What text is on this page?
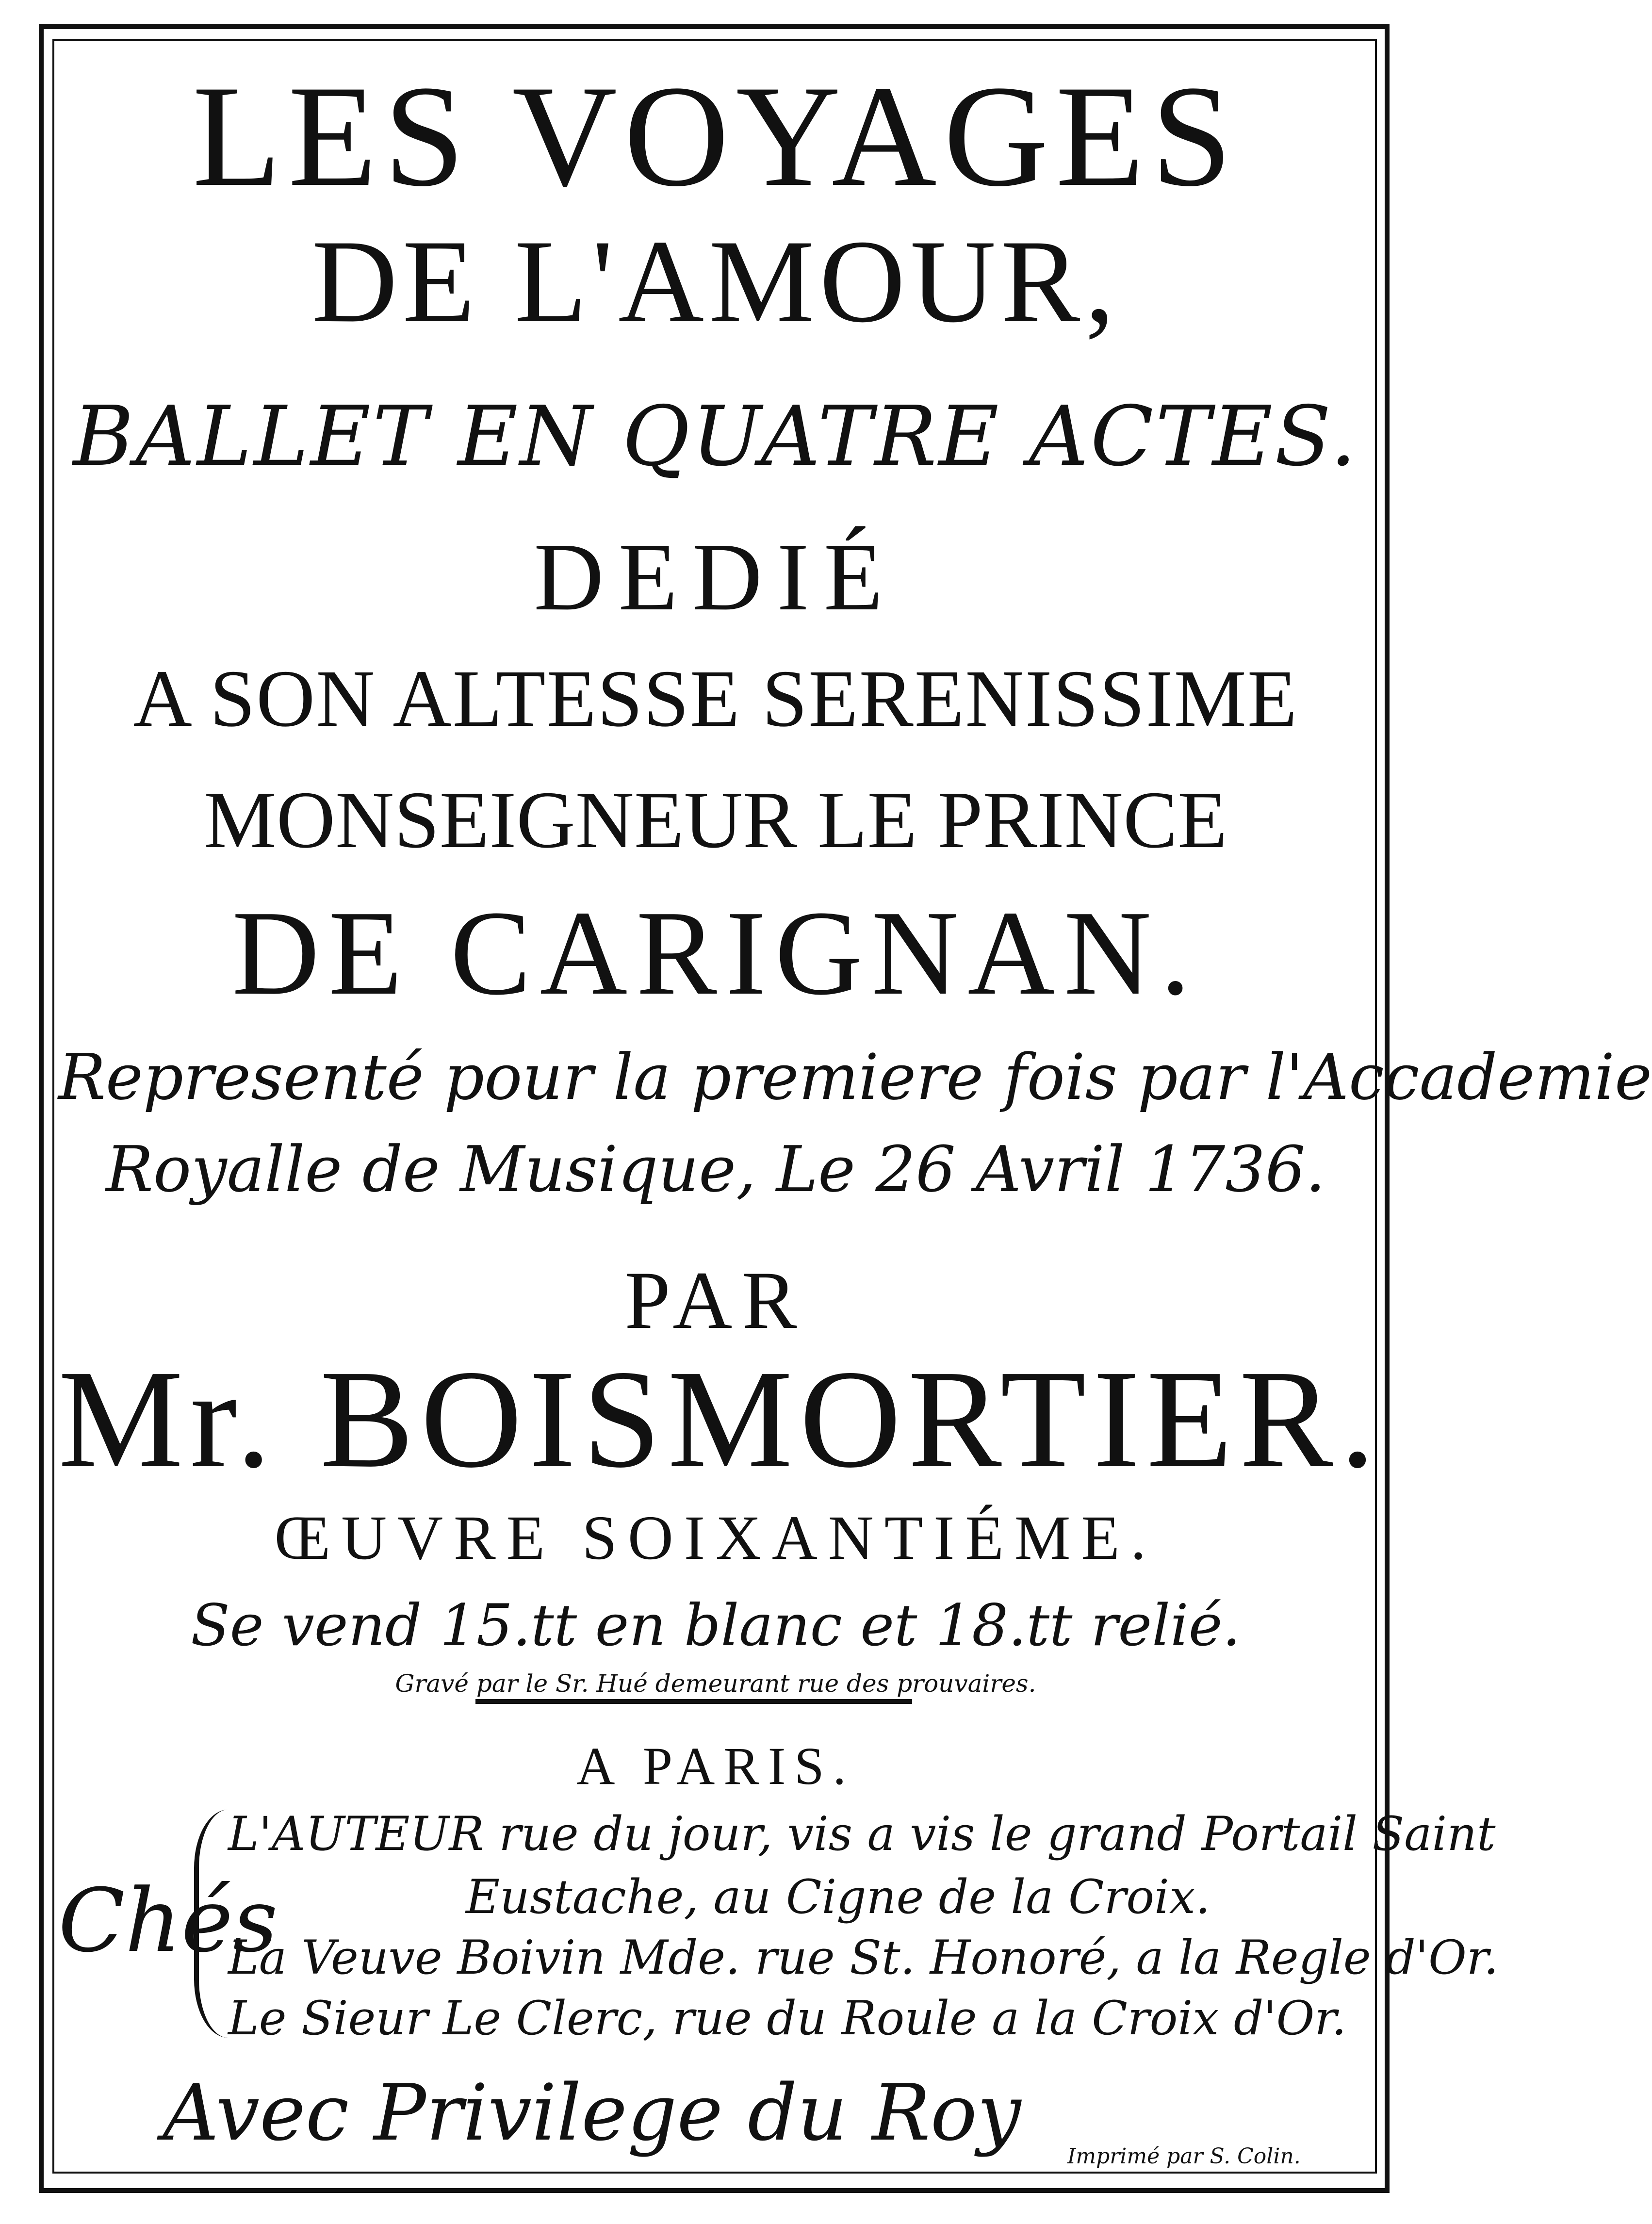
LES VOYAGES

DE L'AMOUR,

BALLET EN QUATRE ACTES.

DEDIÉ

A SON ALTESSE SERENISSIME

MONSEIGNEUR LE PRINCE

DE CARIGNAN.

Representé pour la premiere fois par l'Accademie

Royalle de Musique, Le 26 Avril 1736.

PAR

Mr. BOISMORTIER.

ŒUVRE SOIXANTIÉME.

Se vend 15.tt en blanc et 18.tt relié.

Gravé par le Sr. Hué demeurant rue des prouvaires.

A PARIS.

Chés
L'AUTEUR rue du jour, vis a vis le grand Portail Saint
Eustache, au Cigne de la Croix.
La Veuve Boivin Mde. rue St. Honoré, a la Regle d'Or.
Le Sieur Le Clerc, rue du Roule a la Croix d'Or.

Avec Privilege du Roy	Imprimé par S. Colin.
